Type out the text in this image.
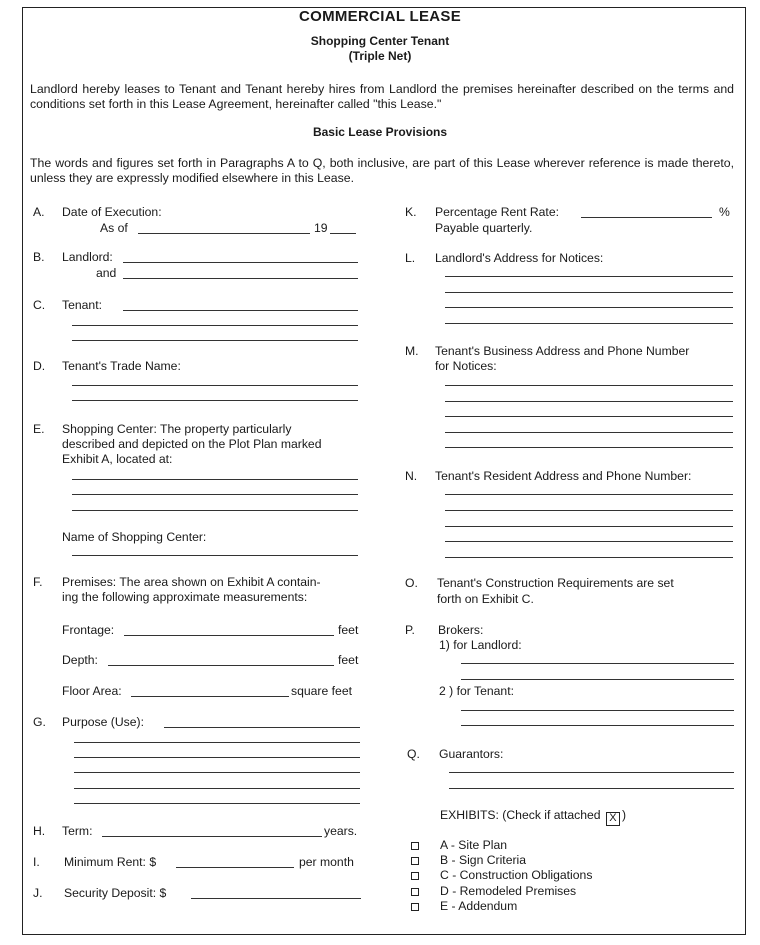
COMMERCIAL LEASE
Shopping Center Tenant
(Triple Net)
Landlord hereby leases to Tenant and Tenant hereby hires from Landlord the premises hereinafter described on the terms and conditions set forth in this Lease Agreement, hereinafter called "this Lease."
Basic Lease Provisions
The words and figures set forth in Paragraphs A to Q, both inclusive, are part of this Lease wherever reference is made thereto, unless they are expressly modified elsewhere in this Lease.
A. Date of Execution:
As of	19
B. Landlord:
and
C. Tenant:
D. Tenant's Trade Name:
E. Shopping Center: The property particularly
described and depicted on the Plot Plan marked
Exhibit A, located at:
Name of Shopping Center:
F. Premises: The area shown on Exhibit A contain-
ing the following approximate measurements:
Frontage:	feet
Depth:	feet
Floor Area:	square feet
G. Purpose (Use):
H. Term:	years.
I. Minimum Rent: $	per month
J. Security Deposit: $
K. Percentage Rent Rate:	%
Payable quarterly.
L. Landlord's Address for Notices:
M. Tenant's Business Address and Phone Number
for Notices:
N. Tenant's Resident Address and Phone Number:
O. Tenant's Construction Requirements are set
forth on Exhibit C.
P. Brokers:
1) for Landlord:
2 ) for Tenant:
Q. Guarantors:
EXHIBITS: (Check if attached X )
A - Site Plan
B - Sign Criteria
C - Construction Obligations
D - Remodeled Premises
E - Addendum
